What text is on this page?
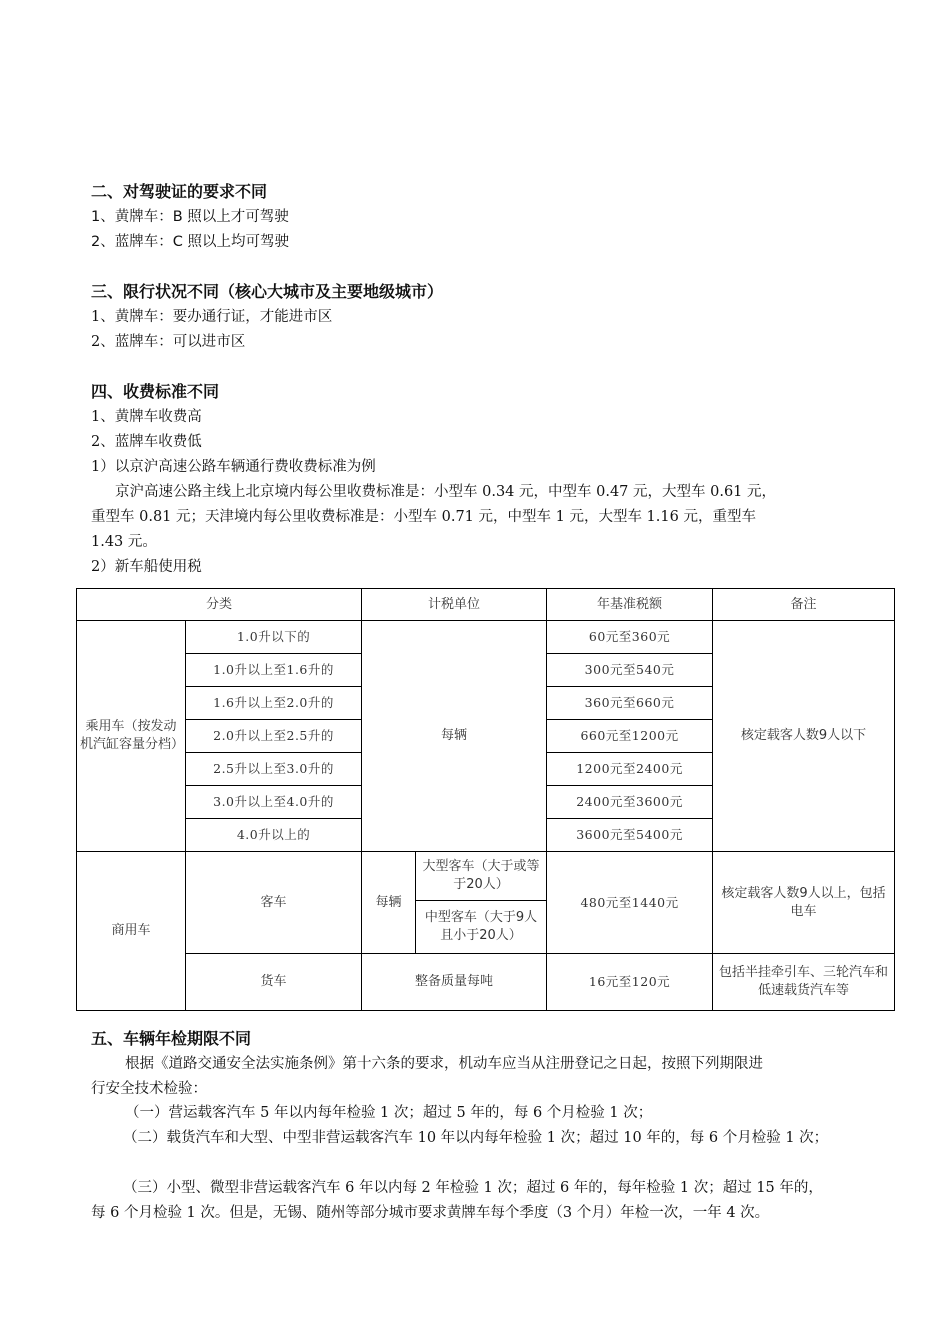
二、对驾驶证的要求不同
1、黄牌车：B 照以上才可驾驶
2、蓝牌车：C 照以上均可驾驶
三、限行状况不同（核心大城市及主要地级城市）
1、黄牌车：要办通行证，才能进市区
2、蓝牌车：可以进市区
四、收费标准不同
1、黄牌车收费高
2、蓝牌车收费低
1）以京沪高速公路车辆通行费收费标准为例
京沪高速公路主线上北京境内每公里收费标准是：小型车 0.34 元，中型车 0.47 元，大型车 0.61 元，
重型车 0.81 元；天津境内每公里收费标准是：小型车 0.71 元，中型车 1 元，大型车 1.16 元，重型车
1.43 元。
2）新车船使用税
分类		计税单位		年基准税额	备注
乘用车（按发动机汽缸容量分档）	1.0升以下的	每辆		60元至360元	核定载客人数9人以下
	1.0升以上至1.6升的			300元至540元	
	1.6升以上至2.0升的			360元至660元	
	2.0升以上至2.5升的			660元至1200元	
	2.5升以上至3.0升的			1200元至2400元	
	3.0升以上至4.0升的			2400元至3600元	
	4.0升以上的			3600元至5400元	
商用车	客车	每辆	大型客车（大于或等于20人）	480元至1440元	核定载客人数9人以上，包括电车
			中型客车（大于9人且小于20人）		
	货车	整备质量每吨		16元至120元	包括半挂牵引车、三轮汽车和低速载货汽车等
五、车辆年检期限不同
根据《道路交通安全法实施条例》第十六条的要求，机动车应当从注册登记之日起，按照下列期限进
行安全技术检验：
（一）营运载客汽车 5 年以内每年检验 1 次；超过 5 年的，每 6 个月检验 1 次；
（二）载货汽车和大型、中型非营运载客汽车 10 年以内每年检验 1 次；超过 10 年的，每 6 个月检验 1 次；
（三）小型、微型非营运载客汽车 6 年以内每 2 年检验 1 次；超过 6 年的，每年检验 1 次；超过 15 年的，
每 6 个月检验 1 次。但是，无锡、随州等部分城市要求黄牌车每个季度（3 个月）年检一次，一年 4 次。
